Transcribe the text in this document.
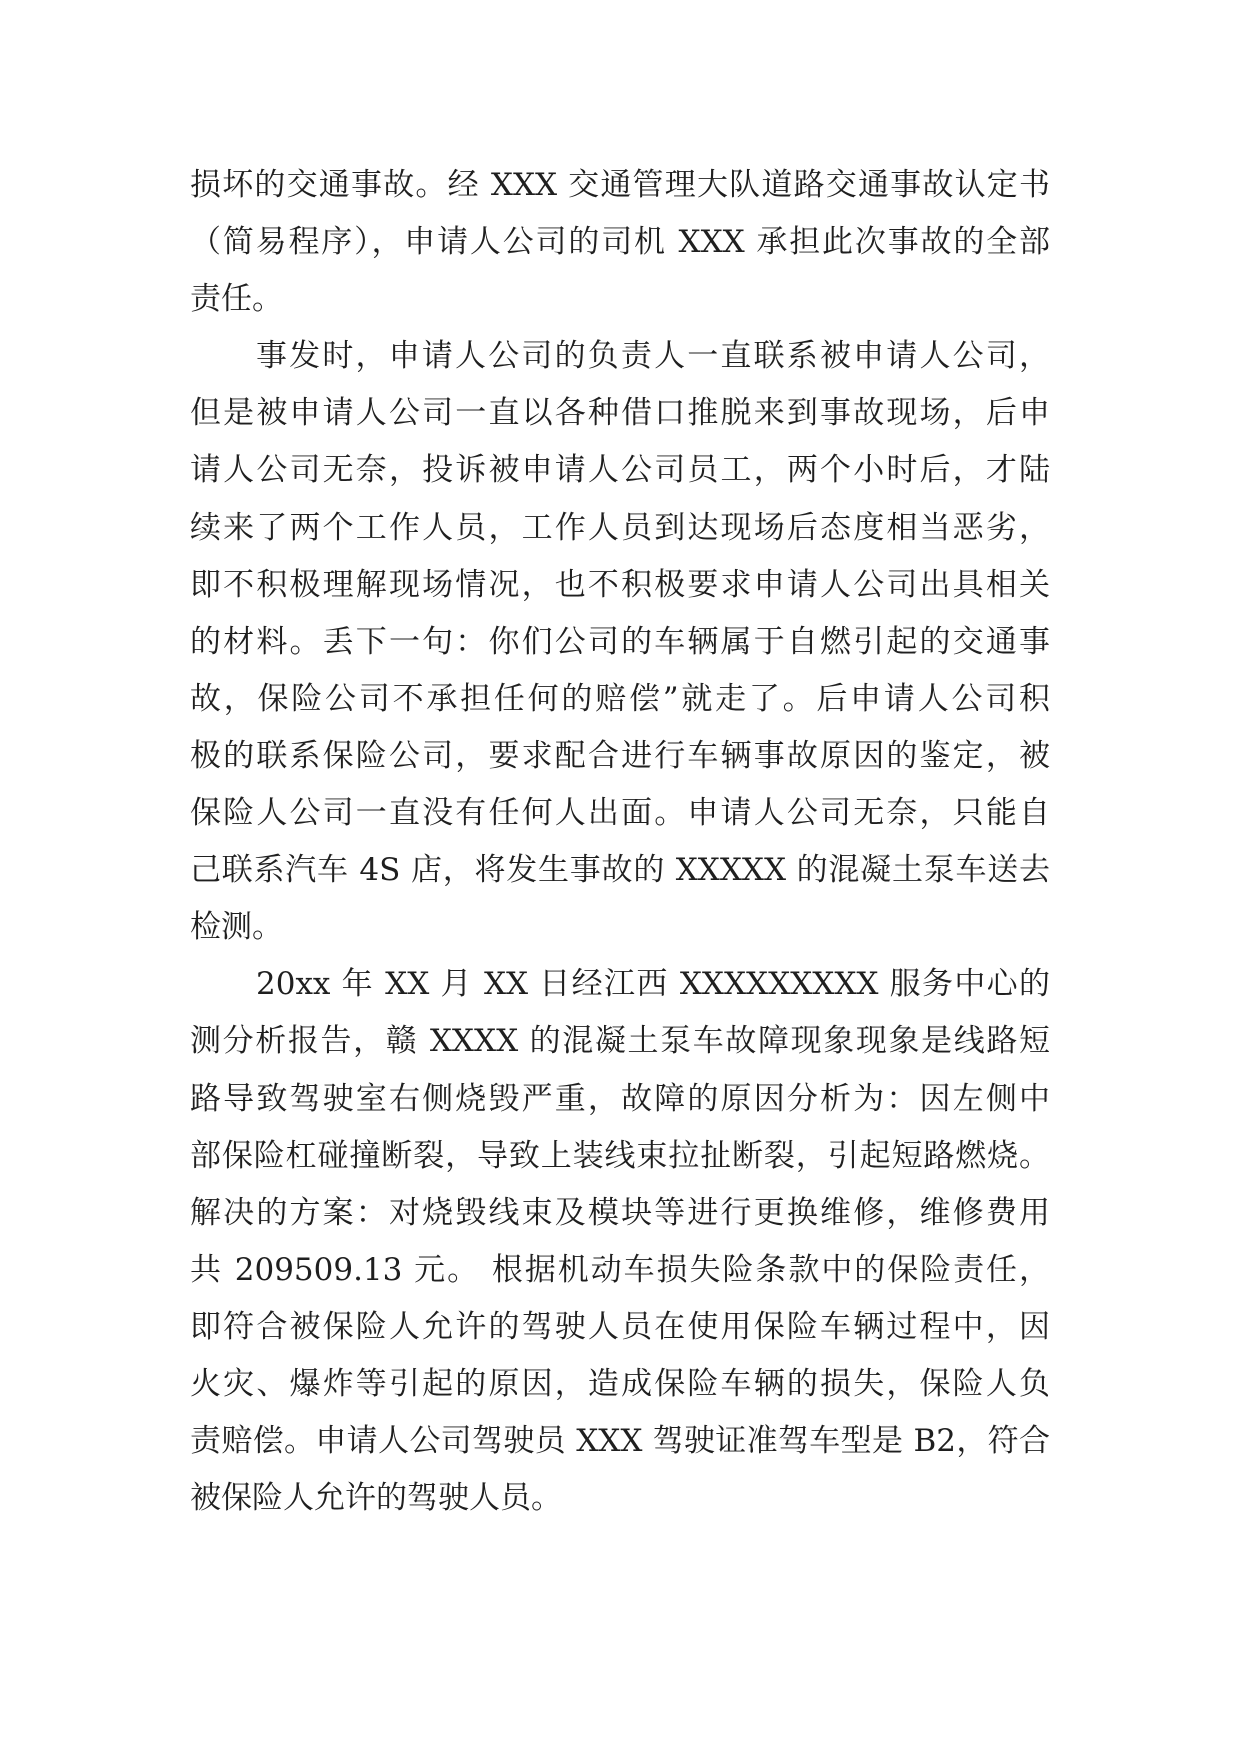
损坏的交通事故。经 XXX 交通管理大队道路交通事故认定书
（简易程序），申请人公司的司机 XXX 承担此次事故的全部
责任。
事发时，申请人公司的负责人一直联系被申请人公司，
但是被申请人公司一直以各种借口推脱来到事故现场，后申
请人公司无奈，投诉被申请人公司员工，两个小时后，才陆
续来了两个工作人员，工作人员到达现场后态度相当恶劣，
即不积极理解现场情况，也不积极要求申请人公司出具相关
的材料。丢下一句：你们公司的车辆属于自燃引起的交通事
故，保险公司不承担任何的赔偿”就走了。后申请人公司积
极的联系保险公司，要求配合进行车辆事故原因的鉴定，被
保险人公司一直没有任何人出面。申请人公司无奈，只能自
己联系汽车 4S 店，将发生事故的 XXXXX 的混凝土泵车送去
检测。
20xx 年 XX 月 XX 日经江西 XXXXXXXXX 服务中心的
测分析报告，赣 XXXX 的混凝土泵车故障现象现象是线路短
路导致驾驶室右侧烧毁严重，故障的原因分析为：因左侧中
部保险杠碰撞断裂，导致上装线束拉扯断裂，引起短路燃烧。
解决的方案：对烧毁线束及模块等进行更换维修，维修费用
共 209509.13 元。 根据机动车损失险条款中的保险责任，
即符合被保险人允许的驾驶人员在使用保险车辆过程中，因
火灾、爆炸等引起的原因，造成保险车辆的损失，保险人负
责赔偿。申请人公司驾驶员 XXX 驾驶证准驾车型是 B2，符合
被保险人允许的驾驶人员。
